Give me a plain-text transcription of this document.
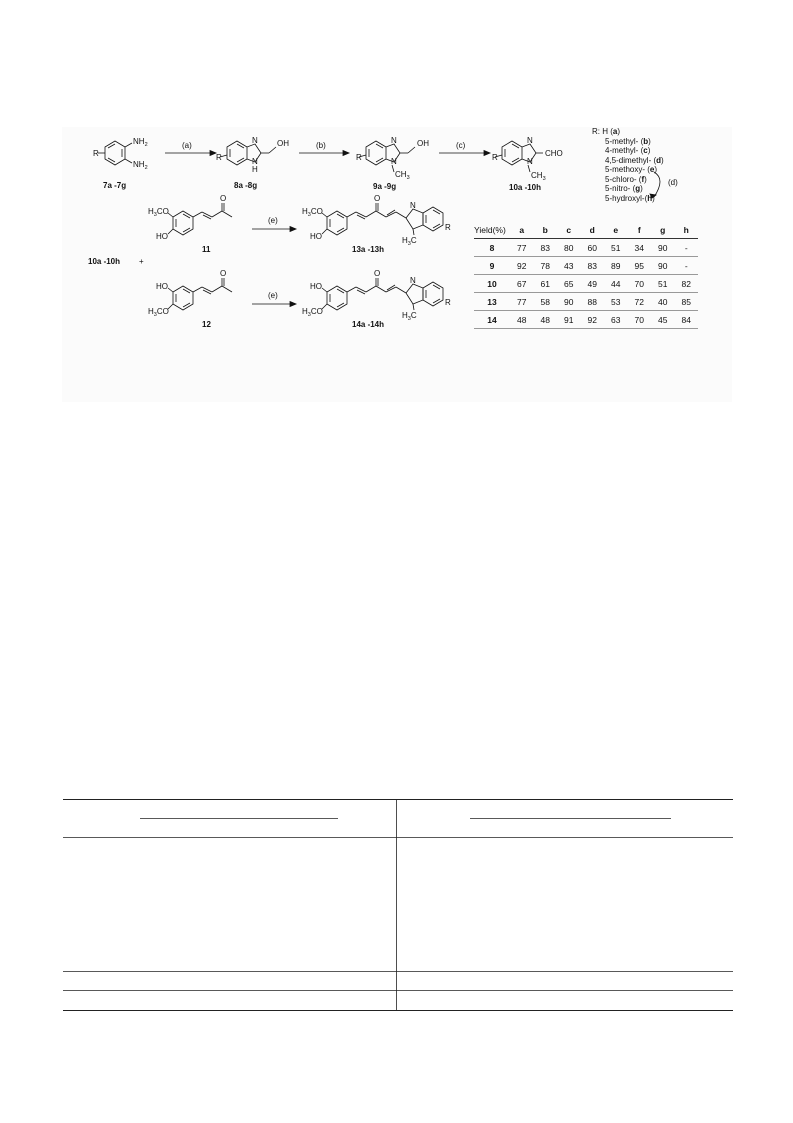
R
$NH_2$
$NH_2$
7a -7g
(a)
R
N
N
H
OH
8a -8g
(b)
R
N
N
OH
$CH_3$
9a -9g
(c)
R
N
N
CHO
$CH_3$
10a -10h
(d)
10a -10h +
$H_3CO$
HO
O
11
(e)
$H_3CO$
HO
O
N
$H_3C$
R
13a -13h
HO
$H_3CO$
O
12
(e)
HO
$H_3CO$
O
N
$H_3C$
R
14a -14h
R: H (a)
5-methyl- (b)
4-methyl- (c)
4,5-dimethyl- (d)
5-methoxy- (e)
5-chloro- (f)
5-nitro- (g)
5-hydroxyl-(h)
Yield(%)	a	b	c	d	e	f	g	h
8	77	83	80	60	51	34	90	-
9	92	78	43	83	89	95	90	-
10	67	61	65	49	44	70	51	82
13	77	58	90	88	53	72	40	85
14	48	48	91	92	63	70	45	84
